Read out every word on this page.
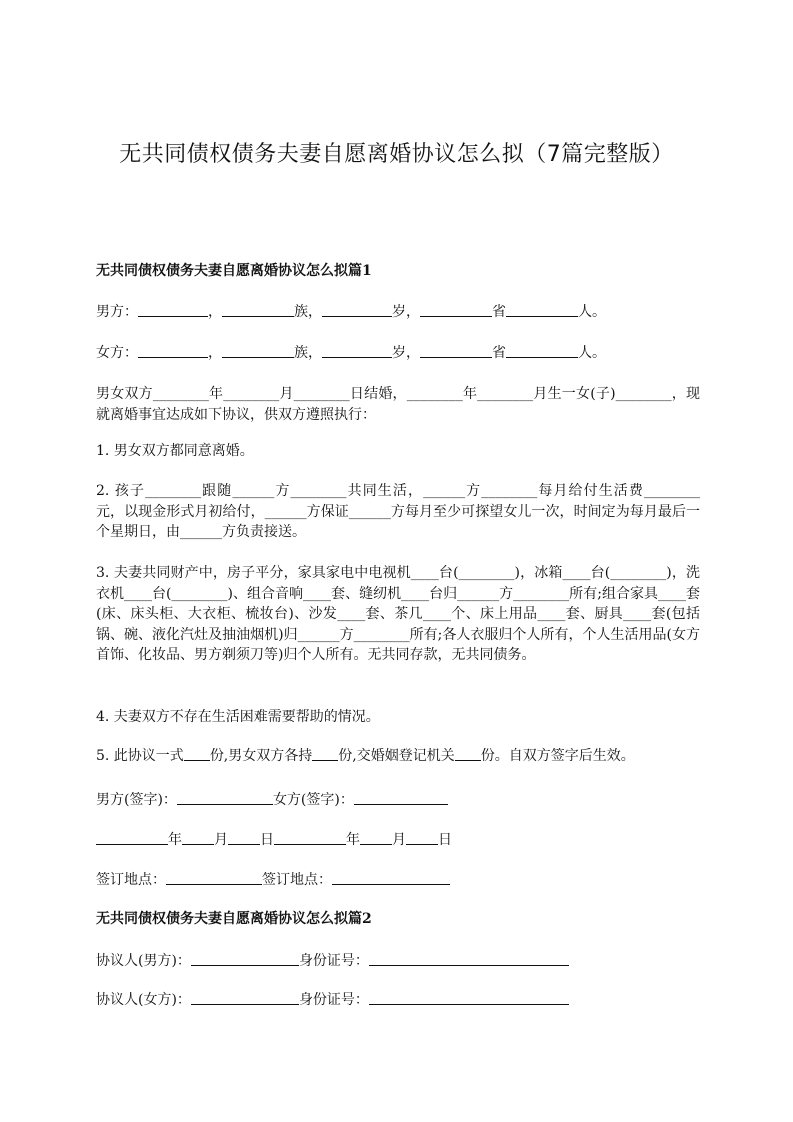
无共同债权债务夫妻自愿离婚协议怎么拟（7篇完整版）
无共同债权债务夫妻自愿离婚协议怎么拟篇1
男方：	，	族，	岁，	省	人。
女方：	，	族，	岁，	省	人。

男女双方________年________月________日结婚，________年________月生一女(子)________，现就离婚事宜达成如下协议，供双方遵照执行：

1. 男女双方都同意离婚。

2. 孩子________跟随______方________共同生活，______方________每月给付生活费________元，以现金形式月初给付，______方保证______方每月至少可探望女儿一次，时间定为每月最后一个星期日，由______方负责接送。

3. 夫妻共同财产中，房子平分，家具家电中电视机____台(________)，冰箱____台(________)，洗衣机____台(________)、组合音响____套、缝纫机____台归______方________所有;组合家具____套(床、床头柜、大衣柜、梳妆台)、沙发____套、茶几____个、床上用品____套、厨具____套(包括锅、碗、液化汽灶及抽油烟机)归______方________所有;各人衣服归个人所有，个人生活用品(女方首饰、化妆品、男方剃须刀等)归个人所有。无共同存款，无共同债务。

4. 夫妻双方不存在生活困难需要帮助的情况。

5. 此协议一式 份,男女双方各持 份,交婚姻登记机关 份。自双方签字后生效。
男方(签字)：	女方(签字)：
年 月 日	年 月 日
签订地点：	签订地点：
无共同债权债务夫妻自愿离婚协议怎么拟篇2
协议人(男方)：	身份证号：
协议人(女方)：	身份证号：
